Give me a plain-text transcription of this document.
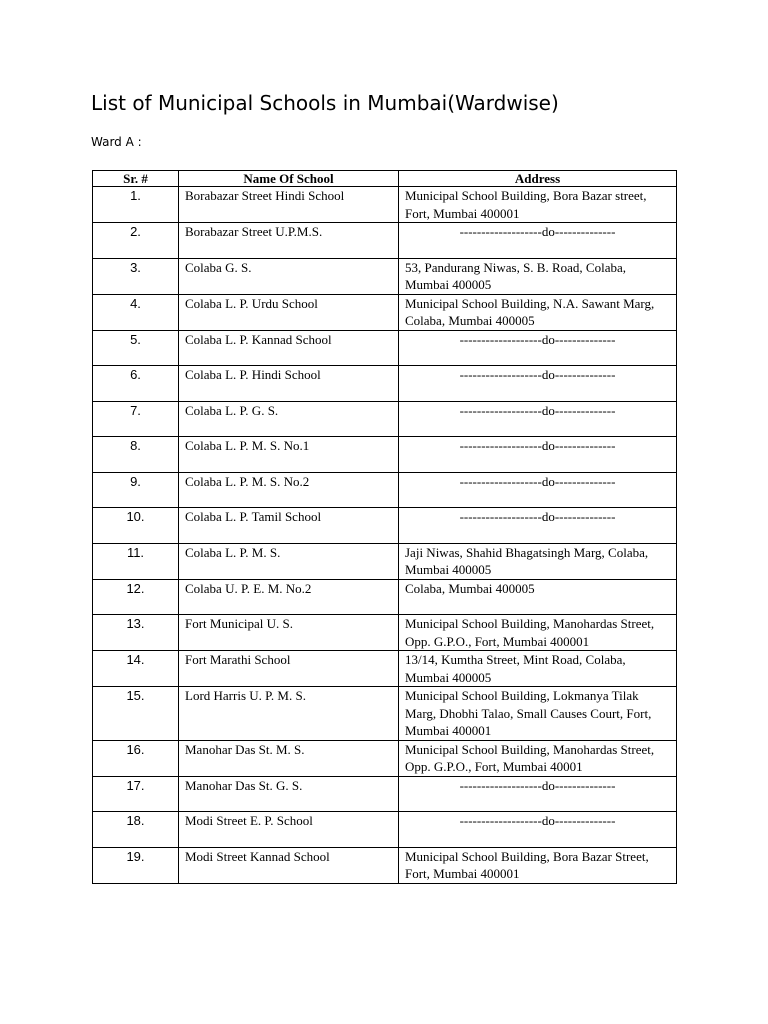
List of Municipal Schools in Mumbai(Wardwise)

Ward A :

Sr. #	Name Of School	Address
1.	Borabazar Street Hindi School	Municipal School Building, Bora Bazar street, Fort, Mumbai 400001
2.	Borabazar Street U.P.M.S.	-------------------do--------------
3.	Colaba G. S.	53, Pandurang Niwas, S. B. Road, Colaba, Mumbai 400005
4.	Colaba L. P. Urdu School	Municipal School Building, N.A. Sawant Marg, Colaba, Mumbai 400005
5.	Colaba L. P. Kannad School	-------------------do--------------
6.	Colaba L. P. Hindi School	-------------------do--------------
7.	Colaba L. P. G. S.	-------------------do--------------
8.	Colaba L. P. M. S. No.1	-------------------do--------------
9.	Colaba L. P. M. S. No.2	-------------------do--------------
10.	Colaba L. P. Tamil School	-------------------do--------------
11.	Colaba L. P. M. S.	Jaji Niwas, Shahid Bhagatsingh Marg, Colaba, Mumbai 400005
12.	Colaba U. P. E. M. No.2	Colaba, Mumbai 400005
13.	Fort Municipal U. S.	Municipal School Building, Manohardas Street, Opp. G.P.O., Fort, Mumbai 400001
14.	Fort Marathi School	13/14, Kumtha Street, Mint Road, Colaba, Mumbai 400005
15.	Lord Harris U. P. M. S.	Municipal School Building, Lokmanya Tilak Marg, Dhobhi Talao, Small Causes Court, Fort, Mumbai 400001
16.	Manohar Das St. M. S.	Municipal School Building, Manohardas Street, Opp. G.P.O., Fort, Mumbai 40001
17.	Manohar Das St. G. S.	-------------------do--------------
18.	Modi Street E. P. School	-------------------do--------------
19.	Modi Street Kannad School	Municipal School Building, Bora Bazar Street, Fort, Mumbai 400001
